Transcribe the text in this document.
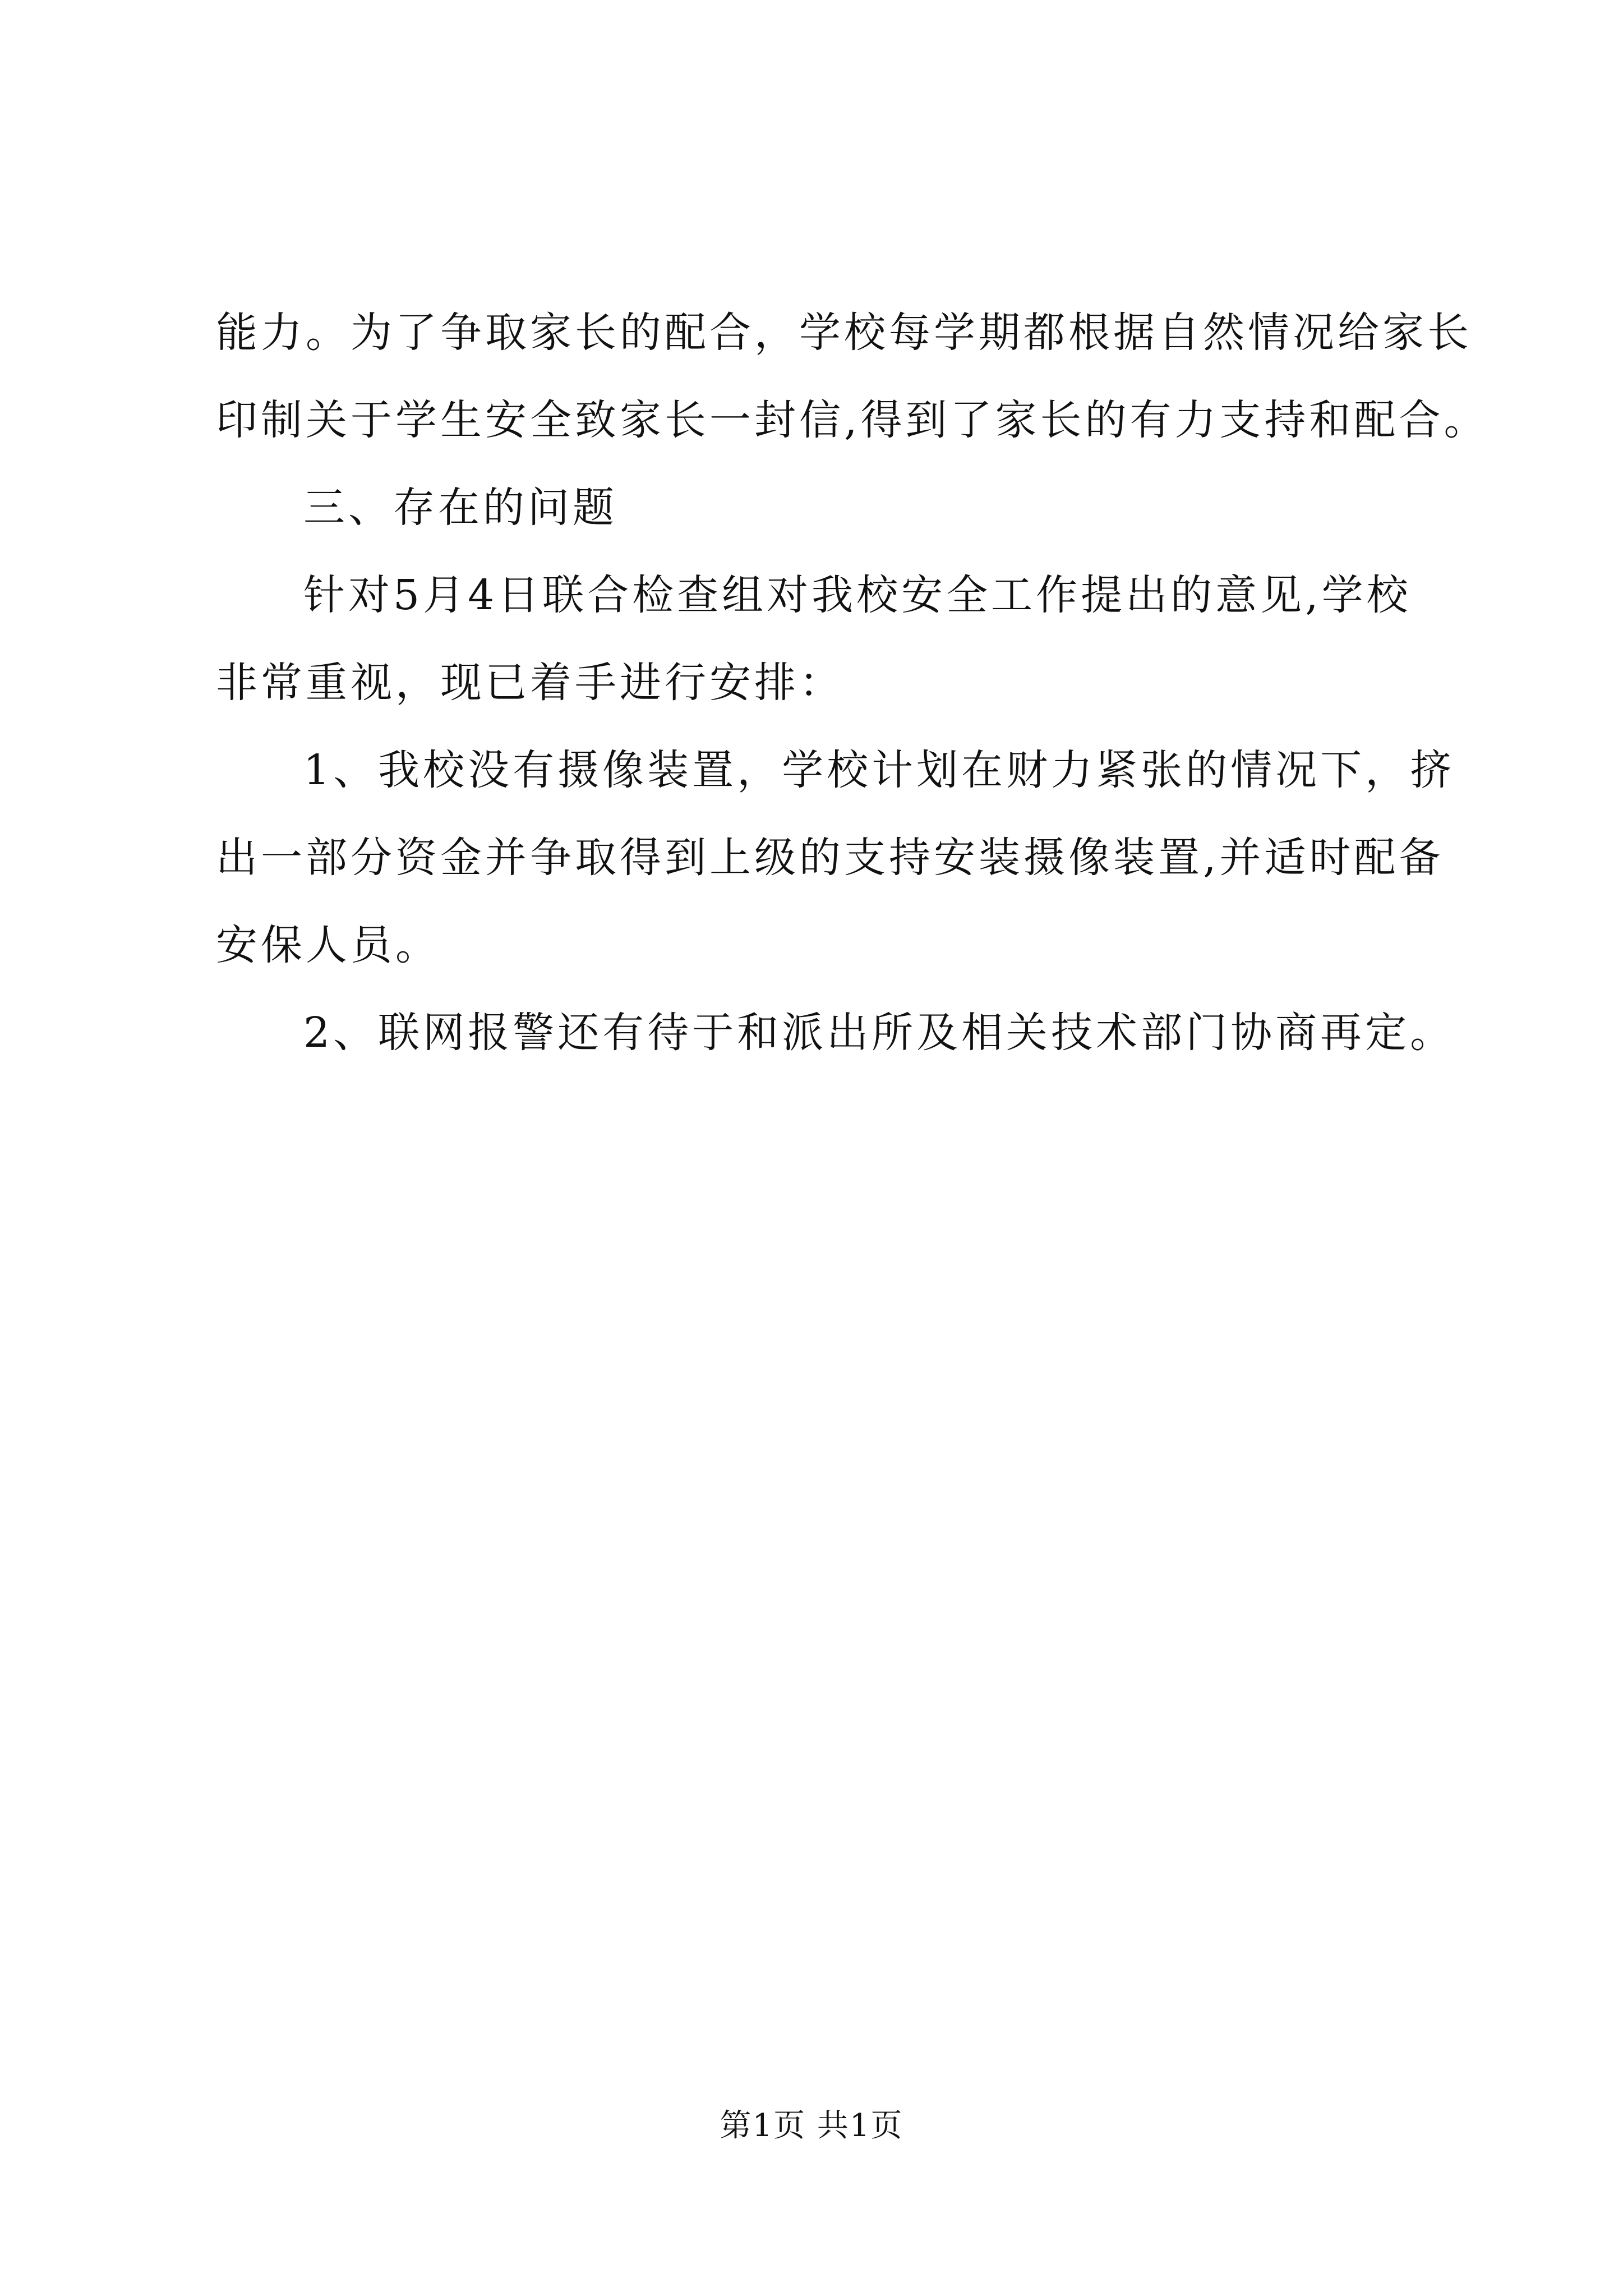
能力。为了争取家长的配合，学校每学期都根据自然情况给家长
印制关于学生安全致家长一封信,得到了家长的有力支持和配合。
三、存在的问题
针对5月4日联合检查组对我校安全工作提出的意见,学校
非常重视，现已着手进行安排：
1、我校没有摄像装置，学校计划在财力紧张的情况下，挤
出一部分资金并争取得到上级的支持安装摄像装置,并适时配备
安保人员。
2、联网报警还有待于和派出所及相关技术部门协商再定。
第1页 共1页
